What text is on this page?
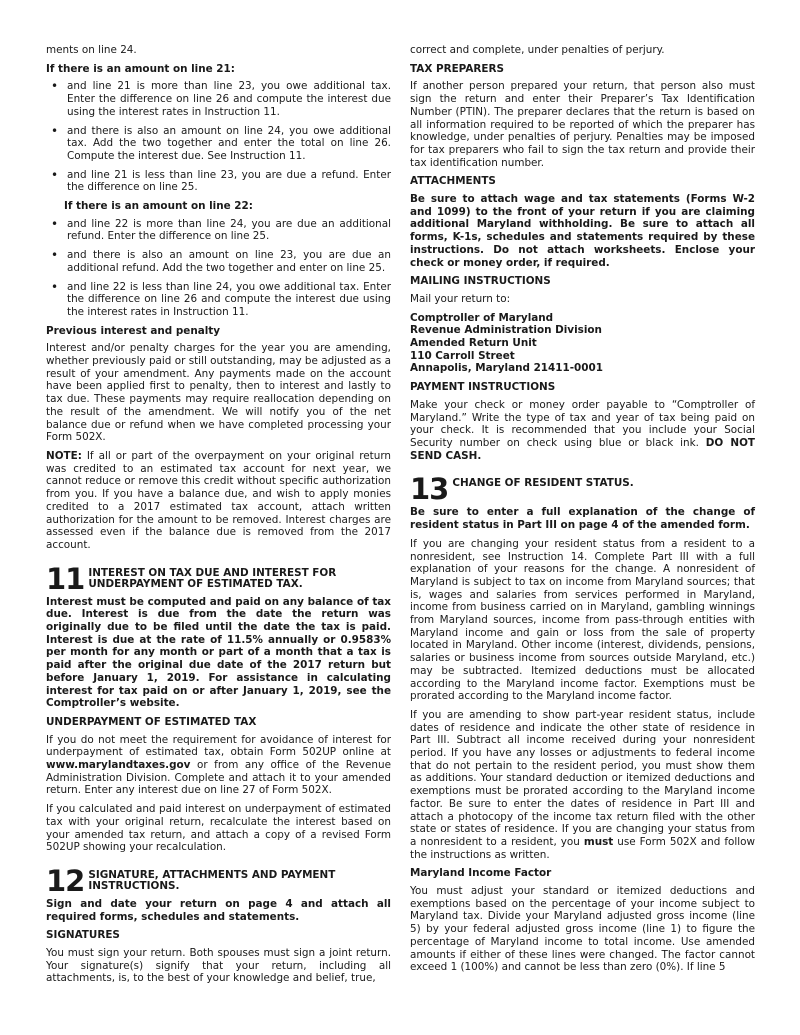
ments on line 24.

If there is an amount on line 21:
• and line 21 is more than line 23, you owe additional tax. Enter the difference on line 26 and compute the interest due using the interest rates in Instruction 11.
• and there is also an amount on line 24, you owe additional tax. Add the two together and enter the total on line 26. Compute the interest due. See Instruction 11.
• and line 21 is less than line 23, you are due a refund. Enter the difference on line 25.
If there is an amount on line 22:
• and line 22 is more than line 24, you are due an additional refund. Enter the difference on line 25.
• and there is also an amount on line 23, you are due an additional refund. Add the two together and enter on line 25.
• and line 22 is less than line 24, you owe additional tax. Enter the difference on line 26 and compute the interest due using the interest rates in Instruction 11.
Previous interest and penalty

Interest and/or penalty charges for the year you are amending, whether previously paid or still outstanding, may be adjusted as a result of your amendment. Any payments made on the account have been applied first to penalty, then to interest and lastly to tax due. These payments may require reallocation depending on the result of the amendment. We will notify you of the net balance due or refund when we have completed processing your Form 502X.

NOTE: If all or part of the overpayment on your original return was credited to an estimated tax account for next year, we cannot reduce or remove this credit without specific authorization from you. If you have a balance due, and wish to apply monies credited to a 2017 estimated tax account, attach written authorization for the amount to be removed. Interest charges are assessed even if the balance due is removed from the 2017 account.

11 INTEREST ON TAX DUE AND INTEREST FOR UNDERPAYMENT OF ESTIMATED TAX.

Interest must be computed and paid on any balance of tax due. Interest is due from the date the return was originally due to be filed until the date the tax is paid. Interest is due at the rate of 11.5% annually or 0.9583% per month for any month or part of a month that a tax is paid after the original due date of the 2017 return but before January 1, 2019. For assistance in calculating interest for tax paid on or after January 1, 2019, see the Comptroller’s website.

UNDERPAYMENT OF ESTIMATED TAX

If you do not meet the requirement for avoidance of interest for underpayment of estimated tax, obtain Form 502UP online at www.marylandtaxes.gov or from any office of the Revenue Administration Division. Complete and attach it to your amended return. Enter any interest due on line 27 of Form 502X.

If you calculated and paid interest on underpayment of estimated tax with your original return, recalculate the interest based on your amended tax return, and attach a copy of a revised Form 502UP showing your recalculation.

12 SIGNATURE, ATTACHMENTS AND PAYMENT INSTRUCTIONS.

Sign and date your return on page 4 and attach all required forms, schedules and statements.

SIGNATURES

You must sign your return. Both spouses must sign a joint return. Your signature(s) signify that your return, including all attachments, is, to the best of your knowledge and belief, true,

correct and complete, under penalties of perjury.

TAX PREPARERS

If another person prepared your return, that person also must sign the return and enter their Preparer’s Tax Identification Number (PTIN). The preparer declares that the return is based on all information required to be reported of which the preparer has knowledge, under penalties of perjury. Penalties may be imposed for tax preparers who fail to sign the tax return and provide their tax identification number.

ATTACHMENTS

Be sure to attach wage and tax statements (Forms W-2 and 1099) to the front of your return if you are claiming additional Maryland withholding. Be sure to attach all forms, K-1s, schedules and statements required by these instructions. Do not attach worksheets. Enclose your check or money order, if required.

MAILING INSTRUCTIONS

Mail your return to:

Comptroller of Maryland
Revenue Administration Division
Amended Return Unit
110 Carroll Street
Annapolis, Maryland 21411-0001
PAYMENT INSTRUCTIONS

Make your check or money order payable to “Comptroller of Maryland.” Write the type of tax and year of tax being paid on your check. It is recommended that you include your Social Security number on check using blue or black ink. DO NOT SEND CASH.

13 CHANGE OF RESIDENT STATUS.

Be sure to enter a full explanation of the change of resident status in Part III on page 4 of the amended form.

If you are changing your resident status from a resident to a nonresident, see Instruction 14. Complete Part III with a full explanation of your reasons for the change. A nonresident of Maryland is subject to tax on income from Maryland sources; that is, wages and salaries from services performed in Maryland, income from business carried on in Maryland, gambling winnings from Maryland sources, income from pass-through entities with Maryland income and gain or loss from the sale of property located in Maryland. Other income (interest, dividends, pensions, salaries or business income from sources outside Maryland, etc.) may be subtracted. Itemized deductions must be allocated according to the Maryland income factor. Exemptions must be prorated according to the Maryland income factor.

If you are amending to show part-year resident status, include dates of residence and indicate the other state of residence in Part III. Subtract all income received during your nonresident period. If you have any losses or adjustments to federal income that do not pertain to the resident period, you must show them as additions. Your standard deduction or itemized deductions and exemptions must be prorated according to the Maryland income factor. Be sure to enter the dates of residence in Part III and attach a photocopy of the income tax return filed with the other state or states of residence. If you are changing your status from a nonresident to a resident, you must use Form 502X and follow the instructions as written.

Maryland Income Factor

You must adjust your standard or itemized deductions and exemptions based on the percentage of your income subject to Maryland tax. Divide your Maryland adjusted gross income (line 5) by your federal adjusted gross income (line 1) to figure the percentage of Maryland income to total income. Use amended amounts if either of these lines were changed. The factor cannot exceed 1 (100%) and cannot be less than zero (0%). If line 5
